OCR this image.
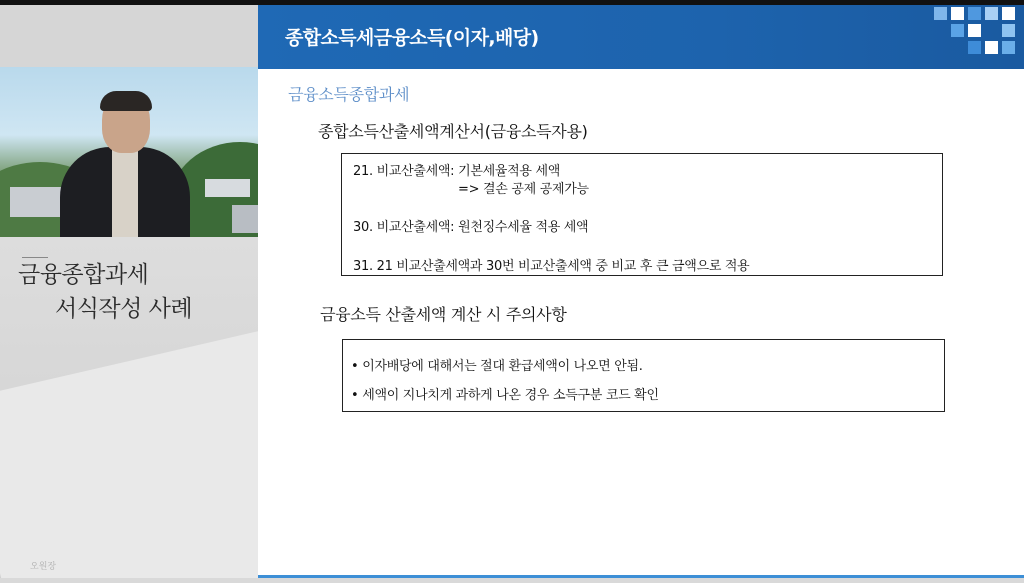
금융종합과세
서식작성 사례
오원장
종합소득세금융소득(이자,배당)
금융소득종합과세
종합소득산출세액계산서(금융소득자용)
21. 비교산출세액: 기본세율적용 세액
=> 결손 공제 공제가능
30. 비교산출세액: 원천징수세율 적용 세액
31. 21 비교산출세액과 30번 비교산출세액 중 비교 후 큰 금액으로 적용
금융소득 산출세액 계산 시 주의사항
• 이자배당에 대해서는 절대 환급세액이 나오면 안됨.
• 세액이 지나치게 과하게 나온 경우 소득구분 코드 확인
